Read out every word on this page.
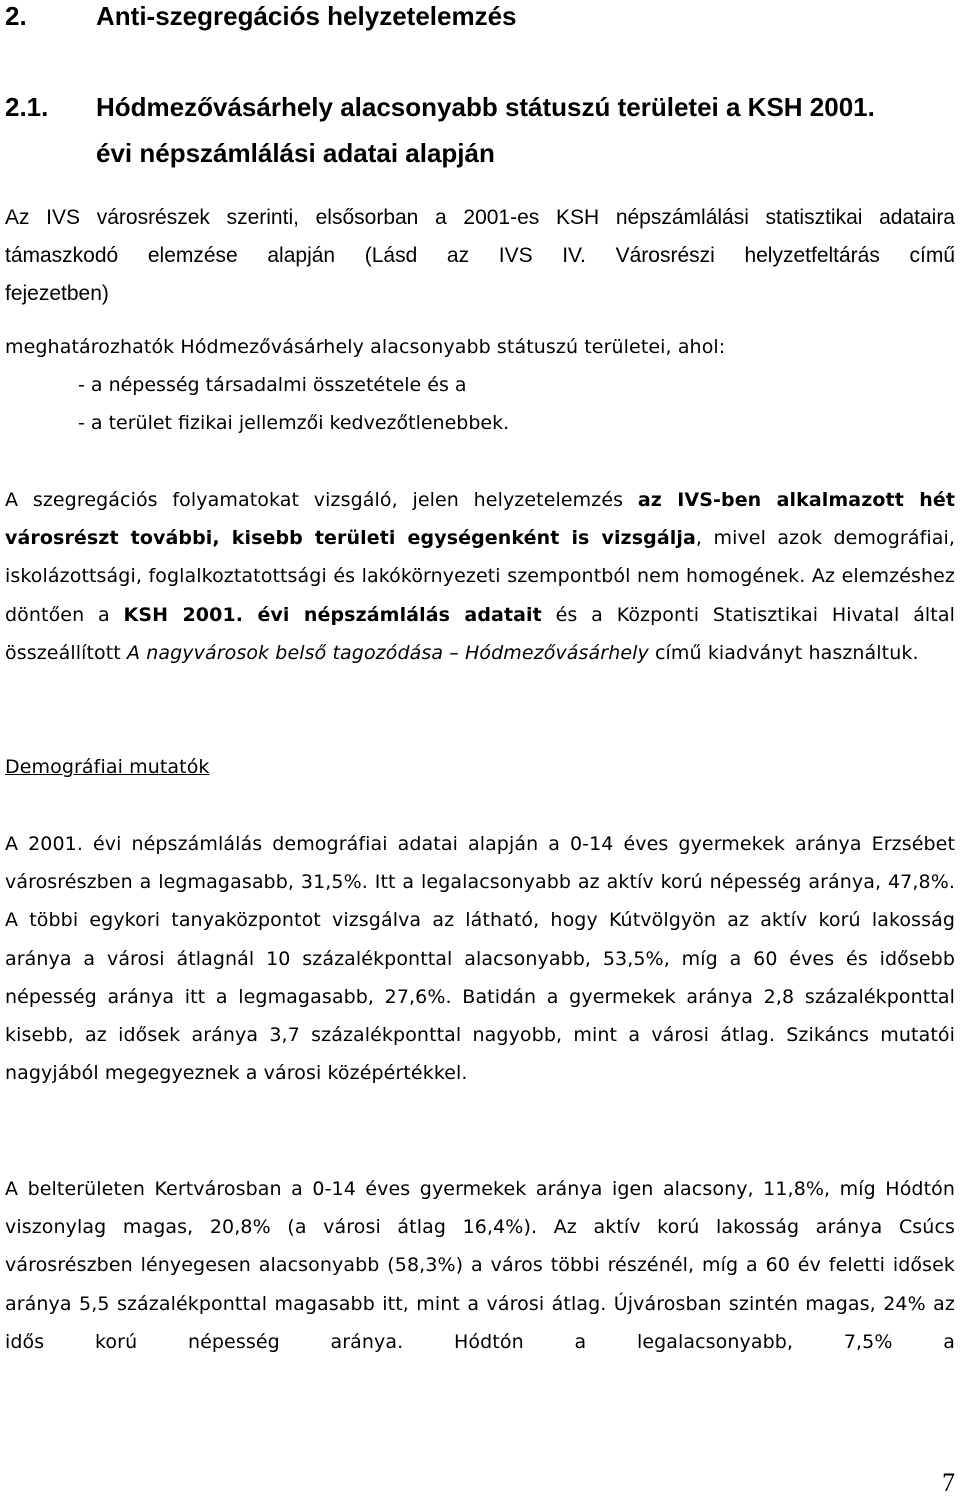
2.	Anti-szegregációs helyzetelemzés
2.1. Hódmezővásárhely alacsonyabb státuszú területei a KSH 2001.
évi népszámlálási adatai alapján
Az IVS városrészek szerinti, elsősorban a 2001-es KSH népszámlálási statisztikai adataira
támaszkodó elemzése alapján (Lásd az IVS IV. Városrészi helyzetfeltárás című
fejezetben)

meghatározhatók Hódmezővásárhely alacsonyabb státuszú területei, ahol:

- a népesség társadalmi összetétele és a
- a terület fizikai jellemzői kedvezőtlenebbek.

A szegregációs folyamatokat vizsgáló, jelen helyzetelemzés az IVS-ben alkalmazott hét városrészt további, kisebb területi egységenként is vizsgálja, mivel azok demográfiai, iskolázottsági, foglalkoztatottsági és lakókörnyezeti szempontból nem homogének. Az elemzéshez döntően a KSH 2001. évi népszámlálás adatait és a Központi Statisztikai Hivatal által összeállított A nagyvárosok belső tagozódása – Hódmezővásárhely című kiadványt használtuk.

Demográfiai mutatók

A 2001. évi népszámlálás demográfiai adatai alapján a 0-14 éves gyermekek aránya Erzsébet városrészben a legmagasabb, 31,5%. Itt a legalacsonyabb az aktív korú népesség aránya, 47,8%. A többi egykori tanyaközpontot vizsgálva az látható, hogy Kútvölgyön az aktív korú lakosság aránya a városi átlagnál 10 százalékponttal alacsonyabb, 53,5%, míg a 60 éves és idősebb népesség aránya itt a legmagasabb, 27,6%. Batidán a gyermekek aránya 2,8 százalékponttal kisebb, az idősek aránya 3,7 százalékponttal nagyobb, mint a városi átlag. Szikáncs mutatói nagyjából megegyeznek a városi középértékkel.

A belterületen Kertvárosban a 0-14 éves gyermekek aránya igen alacsony, 11,8%, míg Hódtón viszonylag magas, 20,8% (a városi átlag 16,4%). Az aktív korú lakosság aránya Csúcs városrészben lényegesen alacsonyabb (58,3%) a város többi részénél, míg a 60 év feletti idősek aránya 5,5 százalékponttal magasabb itt, mint a városi átlag. Újvárosban szintén magas, 24% az idős korú népesség aránya. Hódtón a legalacsonyabb, 7,5% a

7
